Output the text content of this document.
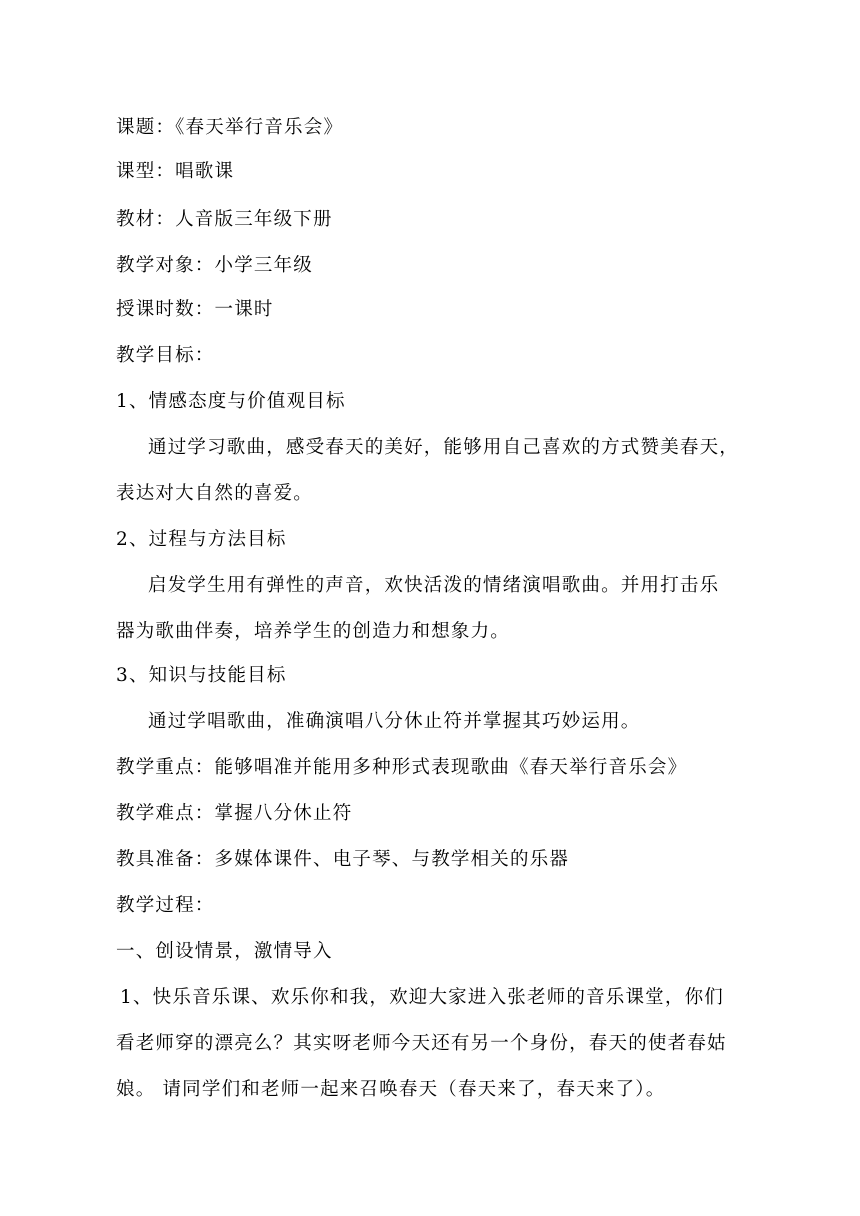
课题：《春天举行音乐会》
课型：唱歌课
教材：人音版三年级下册
教学对象：小学三年级
授课时数：一课时
教学目标：
1、情感态度与价值观目标
通过学习歌曲，感受春天的美好，能够用自己喜欢的方式赞美春天，
表达对大自然的喜爱。
2、过程与方法目标
启发学生用有弹性的声音，欢快活泼的情绪演唱歌曲。并用打击乐
器为歌曲伴奏，培养学生的创造力和想象力。
3、知识与技能目标
通过学唱歌曲，准确演唱八分休止符并掌握其巧妙运用。
教学重点：能够唱准并能用多种形式表现歌曲《春天举行音乐会》
教学难点：掌握八分休止符
教具准备：多媒体课件、电子琴、与教学相关的乐器
教学过程：
一、创设情景，激情导入
1、快乐音乐课、欢乐你和我，欢迎大家进入张老师的音乐课堂，你们
看老师穿的漂亮么？其实呀老师今天还有另一个身份，春天的使者春姑
娘。 请同学们和老师一起来召唤春天（春天来了，春天来了）。
